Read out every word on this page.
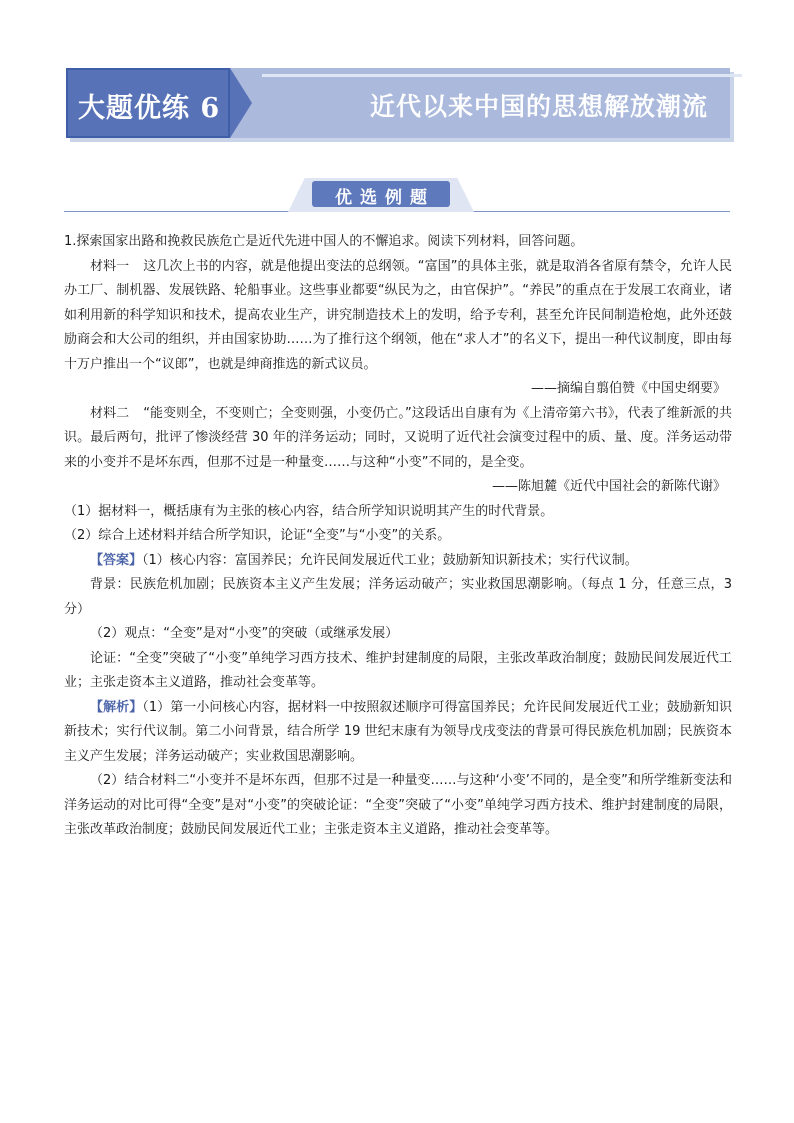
大题优练 6	近代以来中国的思想解放潮流
优选例题

1.探索国家出路和挽救民族危亡是近代先进中国人的不懈追求。阅读下列材料，回答问题。

材料一 这几次上书的内容，就是他提出变法的总纲领。“富国”的具体主张，就是取消各省原有禁令，允许人民办工厂、制机器、发展铁路、轮船事业。这些事业都要“纵民为之，由官保护”。“养民”的重点在于发展工农商业，诸如利用新的科学知识和技术，提高农业生产，讲究制造技术上的发明，给予专利，甚至允许民间制造枪炮，此外还鼓励商会和大公司的组织，并由国家协助……为了推行这个纲领，他在“求人才”的名义下，提出一种代议制度，即由每十万户推出一个“议郎”，也就是绅商推选的新式议员。

——摘编自翦伯赞《中国史纲要》

材料二 “能变则全，不变则亡；全变则强，小变仍亡。”这段话出自康有为《上清帝第六书》，代表了维新派的共识。最后两句，批评了惨淡经营 30 年的洋务运动；同时，又说明了近代社会演变过程中的质、量、度。洋务运动带来的小变并不是坏东西，但那不过是一种量变……与这种“小变”不同的，是全变。

——陈旭麓《近代中国社会的新陈代谢》

（1）据材料一，概括康有为主张的核心内容，结合所学知识说明其产生的时代背景。

（2）综合上述材料并结合所学知识，论证“全变”与“小变”的关系。

【答案】（1）核心内容：富国养民；允许民间发展近代工业；鼓励新知识新技术；实行代议制。

背景：民族危机加剧；民族资本主义产生发展；洋务运动破产；实业救国思潮影响。（每点 1 分，任意三点，3 分）

（2）观点：“全变”是对“小变”的突破（或继承发展）

论证：“全变”突破了“小变”单纯学习西方技术、维护封建制度的局限，主张改革政治制度；鼓励民间发展近代工业；主张走资本主义道路，推动社会变革等。

【解析】（1）第一小问核心内容，据材料一中按照叙述顺序可得富国养民；允许民间发展近代工业；鼓励新知识新技术；实行代议制。第二小问背景，结合所学 19 世纪末康有为领导戊戌变法的背景可得民族危机加剧；民族资本主义产生发展；洋务运动破产；实业救国思潮影响。

（2）结合材料二“小变并不是坏东西，但那不过是一种量变……与这种‘小变’不同的，是全变”和所学维新变法和洋务运动的对比可得“全变”是对“小变”的突破论证：“全变”突破了“小变”单纯学习西方技术、维护封建制度的局限，主张改革政治制度；鼓励民间发展近代工业；主张走资本主义道路，推动社会变革等。
